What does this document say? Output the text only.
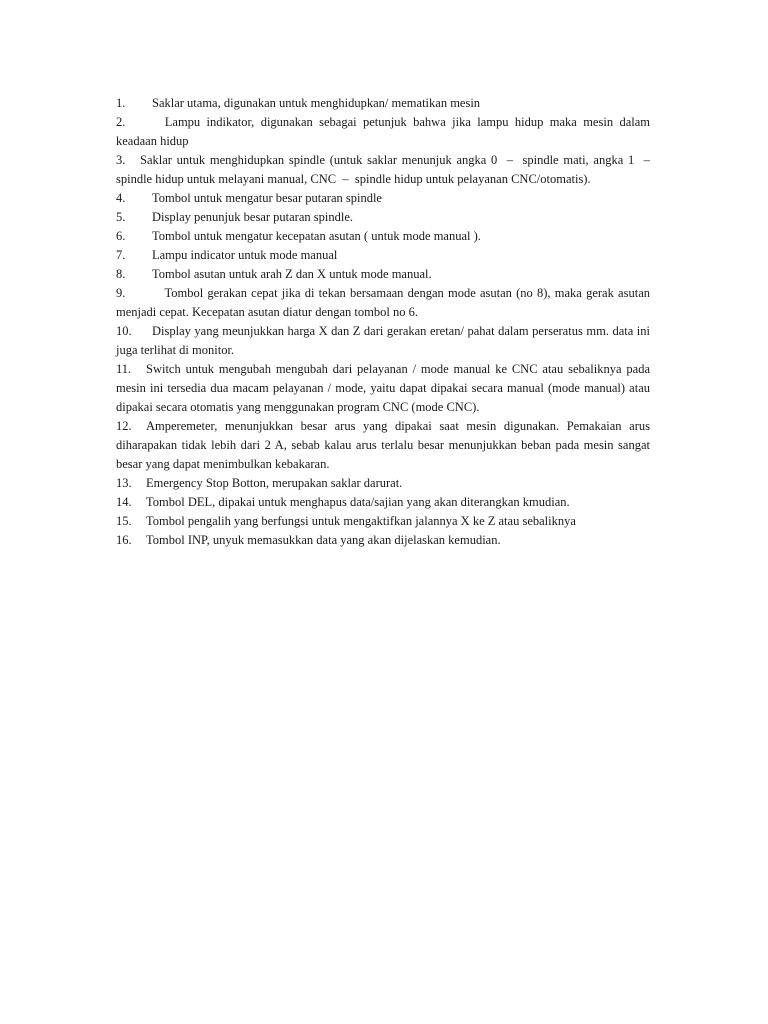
1. Saklar utama, digunakan untuk menghidupkan/ mematikan mesin

2.  Lampu indikator, digunakan sebagai petunjuk bahwa jika lampu hidup maka mesin dalam keadaan hidup

3. Saklar untuk menghidupkan spindle (untuk saklar menunjuk angka 0  –  spindle mati, angka 1  –  spindle hidup untuk melayani manual, CNC  –  spindle hidup untuk pelayanan CNC/otomatis).

4. Tombol untuk mengatur besar putaran spindle

5. Display penunjuk besar putaran spindle.

6. Tombol untuk mengatur kecepatan asutan ( untuk mode manual ).

7. Lampu indicator untuk mode manual

8. Tombol asutan untuk arah Z dan X untuk mode manual.

9.   Tombol gerakan cepat jika di tekan bersamaan dengan mode asutan (no 8), maka gerak asutan menjadi cepat. Kecepatan asutan diatur dengan tombol no 6.

10. Display yang meunjukkan harga X dan Z dari gerakan eretan/ pahat dalam perseratus mm. data ini juga terlihat di monitor.

11. Switch untuk mengubah mengubah dari pelayanan / mode manual ke CNC atau sebaliknya pada mesin ini tersedia dua macam pelayanan / mode, yaitu dapat dipakai secara manual (mode manual) atau dipakai secara otomatis yang menggunakan program CNC (mode CNC).

12. Amperemeter, menunjukkan besar arus yang dipakai saat mesin digunakan. Pemakaian arus diharapakan tidak lebih dari 2 A, sebab kalau arus terlalu besar menunjukkan beban pada mesin sangat besar yang dapat menimbulkan kebakaran.

13. Emergency Stop Botton, merupakan saklar darurat.

14. Tombol DEL, dipakai untuk menghapus data/sajian yang akan diterangkan kmudian.

15. Tombol pengalih yang berfungsi untuk mengaktifkan jalannya X ke Z atau sebaliknya

16. Tombol INP, unyuk memasukkan data yang akan dijelaskan kemudian.
